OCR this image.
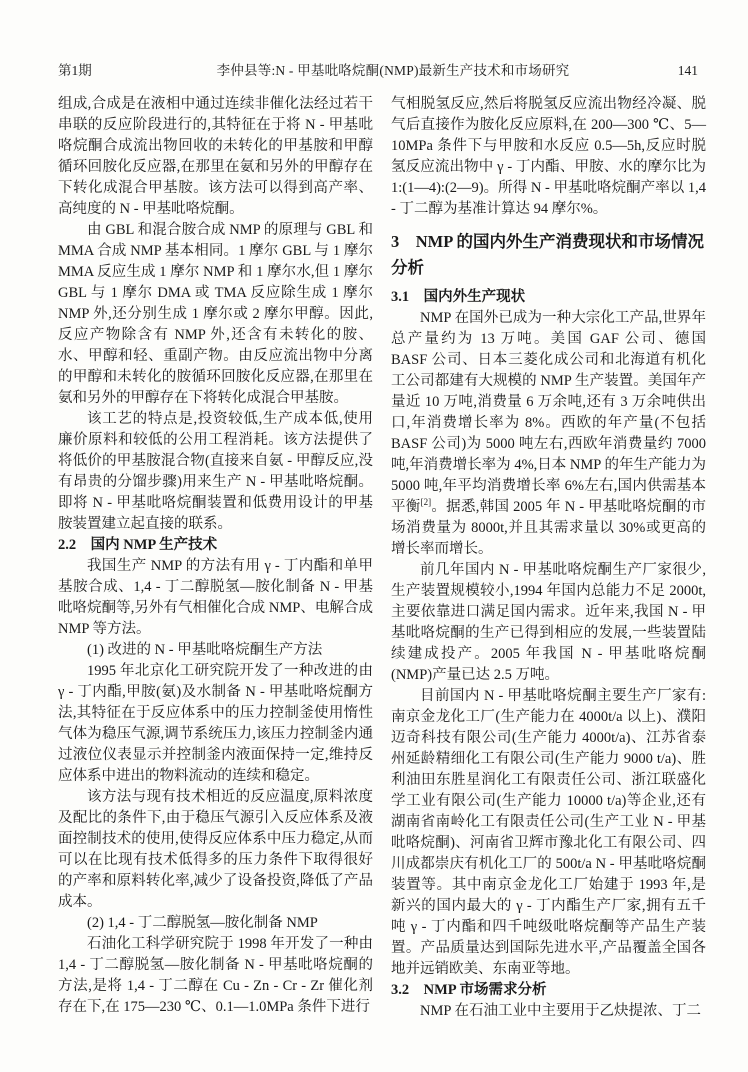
第1期	李仲县等:N - 甲基吡咯烷酮(NMP)最新生产技术和市场研究	141

组成,合成是在液相中通过连续非催化法经过若干串联的反应阶段进行的,其特征在于将 N - 甲基吡咯烷酮合成流出物回收的未转化的甲基胺和甲醇循环回胺化反应器,在那里在氨和另外的甲醇存在下转化成混合甲基胺。该方法可以得到高产率、高纯度的 N - 甲基吡咯烷酮。

由 GBL 和混合胺合成 NMP 的原理与 GBL 和 MMA 合成 NMP 基本相同。1 摩尔 GBL 与 1 摩尔 MMA 反应生成 1 摩尔 NMP 和 1 摩尔水,但 1 摩尔 GBL 与 1 摩尔 DMA 或 TMA 反应除生成 1 摩尔 NMP 外,还分别生成 1 摩尔或 2 摩尔甲醇。因此,反应产物除含有 NMP 外,还含有未转化的胺、水、甲醇和轻、重副产物。由反应流出物中分离的甲醇和未转化的胺循环回胺化反应器,在那里在氨和另外的甲醇存在下将转化成混合甲基胺。

该工艺的特点是,投资较低,生产成本低,使用廉价原料和较低的公用工程消耗。该方法提供了将低价的甲基胺混合物(直接来自氨 - 甲醇反应,没有昂贵的分馏步骤)用来生产 N - 甲基吡咯烷酮。即将 N - 甲基吡咯烷酮装置和低费用设计的甲基胺装置建立起直接的联系。

2.2　国内 NMP 生产技术

我国生产 NMP 的方法有用 γ - 丁内酯和单甲基胺合成、1,4 - 丁二醇脱氢—胺化制备 N - 甲基吡咯烷酮等,另外有气相催化合成 NMP、电解合成 NMP 等方法。

(1) 改进的 N - 甲基吡咯烷酮生产方法

1995 年北京化工研究院开发了一种改进的由 γ - 丁内酯,甲胺(氨)及水制备 N - 甲基吡咯烷酮方法,其特征在于反应体系中的压力控制釜使用惰性气体为稳压气源,调节系统压力,该压力控制釜内通过液位仪表显示并控制釜内液面保持一定,维持反应体系中进出的物料流动的连续和稳定。

该方法与现有技术相近的反应温度,原料浓度及配比的条件下,由于稳压气源引入反应体系及液面控制技术的使用,使得反应体系中压力稳定,从而可以在比现有技术低得多的压力条件下取得很好的产率和原料转化率,减少了设备投资,降低了产品成本。

(2) 1,4 - 丁二醇脱氢—胺化制备 NMP

石油化工科学研究院于 1998 年开发了一种由 1,4 - 丁二醇脱氢—胺化制备 N - 甲基吡咯烷酮的方法,是将 1,4 - 丁二醇在 Cu - Zn - Cr - Zr 催化剂存在下,在 175—230 ℃、0.1—1.0MPa 条件下进行

气相脱氢反应,然后将脱氢反应流出物经冷凝、脱气后直接作为胺化反应原料,在 200—300 ℃、5—10MPa 条件下与甲胺和水反应 0.5—5h,反应时脱氢反应流出物中 γ - 丁内酯、甲胺、水的摩尔比为 1:(1—4):(2—9)。所得 N - 甲基吡咯烷酮产率以 1,4 - 丁二醇为基准计算达 94 摩尔%。

3　NMP 的国内外生产消费现状和市场情况分析

3.1　国内外生产现状

NMP 在国外已成为一种大宗化工产品,世界年总产量约为 13 万吨。美国 GAF 公司、德国 BASF 公司、日本三菱化成公司和北海道有机化工公司都建有大规模的 NMP 生产装置。美国年产量近 10 万吨,消费量 6 万余吨,还有 3 万余吨供出口,年消费增长率为 8%。西欧的年产量(不包括 BASF 公司)为 5000 吨左右,西欧年消费量约 7000 吨,年消费增长率为 4%,日本 NMP 的年生产能力为 5000 吨,年平均消费增长率 6%左右,国内供需基本平衡[2]。据悉,韩国 2005 年 N - 甲基吡咯烷酮的市场消费量为 8000t,并且其需求量以 30%或更高的增长率而增长。

前几年国内 N - 甲基吡咯烷酮生产厂家很少,生产装置规模较小,1994 年国内总能力不足 2000t,主要依靠进口满足国内需求。近年来,我国 N - 甲基吡咯烷酮的生产已得到相应的发展,一些装置陆续建成投产。2005 年我国 N - 甲基吡咯烷酮(NMP)产量已达 2.5 万吨。

目前国内 N - 甲基吡咯烷酮主要生产厂家有:南京金龙化工厂(生产能力在 4000t/a 以上)、濮阳迈奇科技有限公司(生产能力 4000t/a)、江苏省泰州延龄精细化工有限公司(生产能力 9000 t/a)、胜利油田东胜星润化工有限责任公司、浙江联盛化学工业有限公司(生产能力 10000 t/a)等企业,还有湖南省南岭化工有限责任公司(生产工业 N - 甲基吡咯烷酮)、河南省卫辉市豫北化工有限公司、四川成都崇庆有机化工厂的 500t/a N - 甲基吡咯烷酮装置等。其中南京金龙化工厂始建于 1993 年,是新兴的国内最大的 γ - 丁内酯生产厂家,拥有五千吨 γ - 丁内酯和四千吨级吡咯烷酮等产品生产装置。产品质量达到国际先进水平,产品覆盖全国各地并远销欧美、东南亚等地。

3.2　NMP 市场需求分析

NMP 在石油工业中主要用于乙炔提浓、丁二
